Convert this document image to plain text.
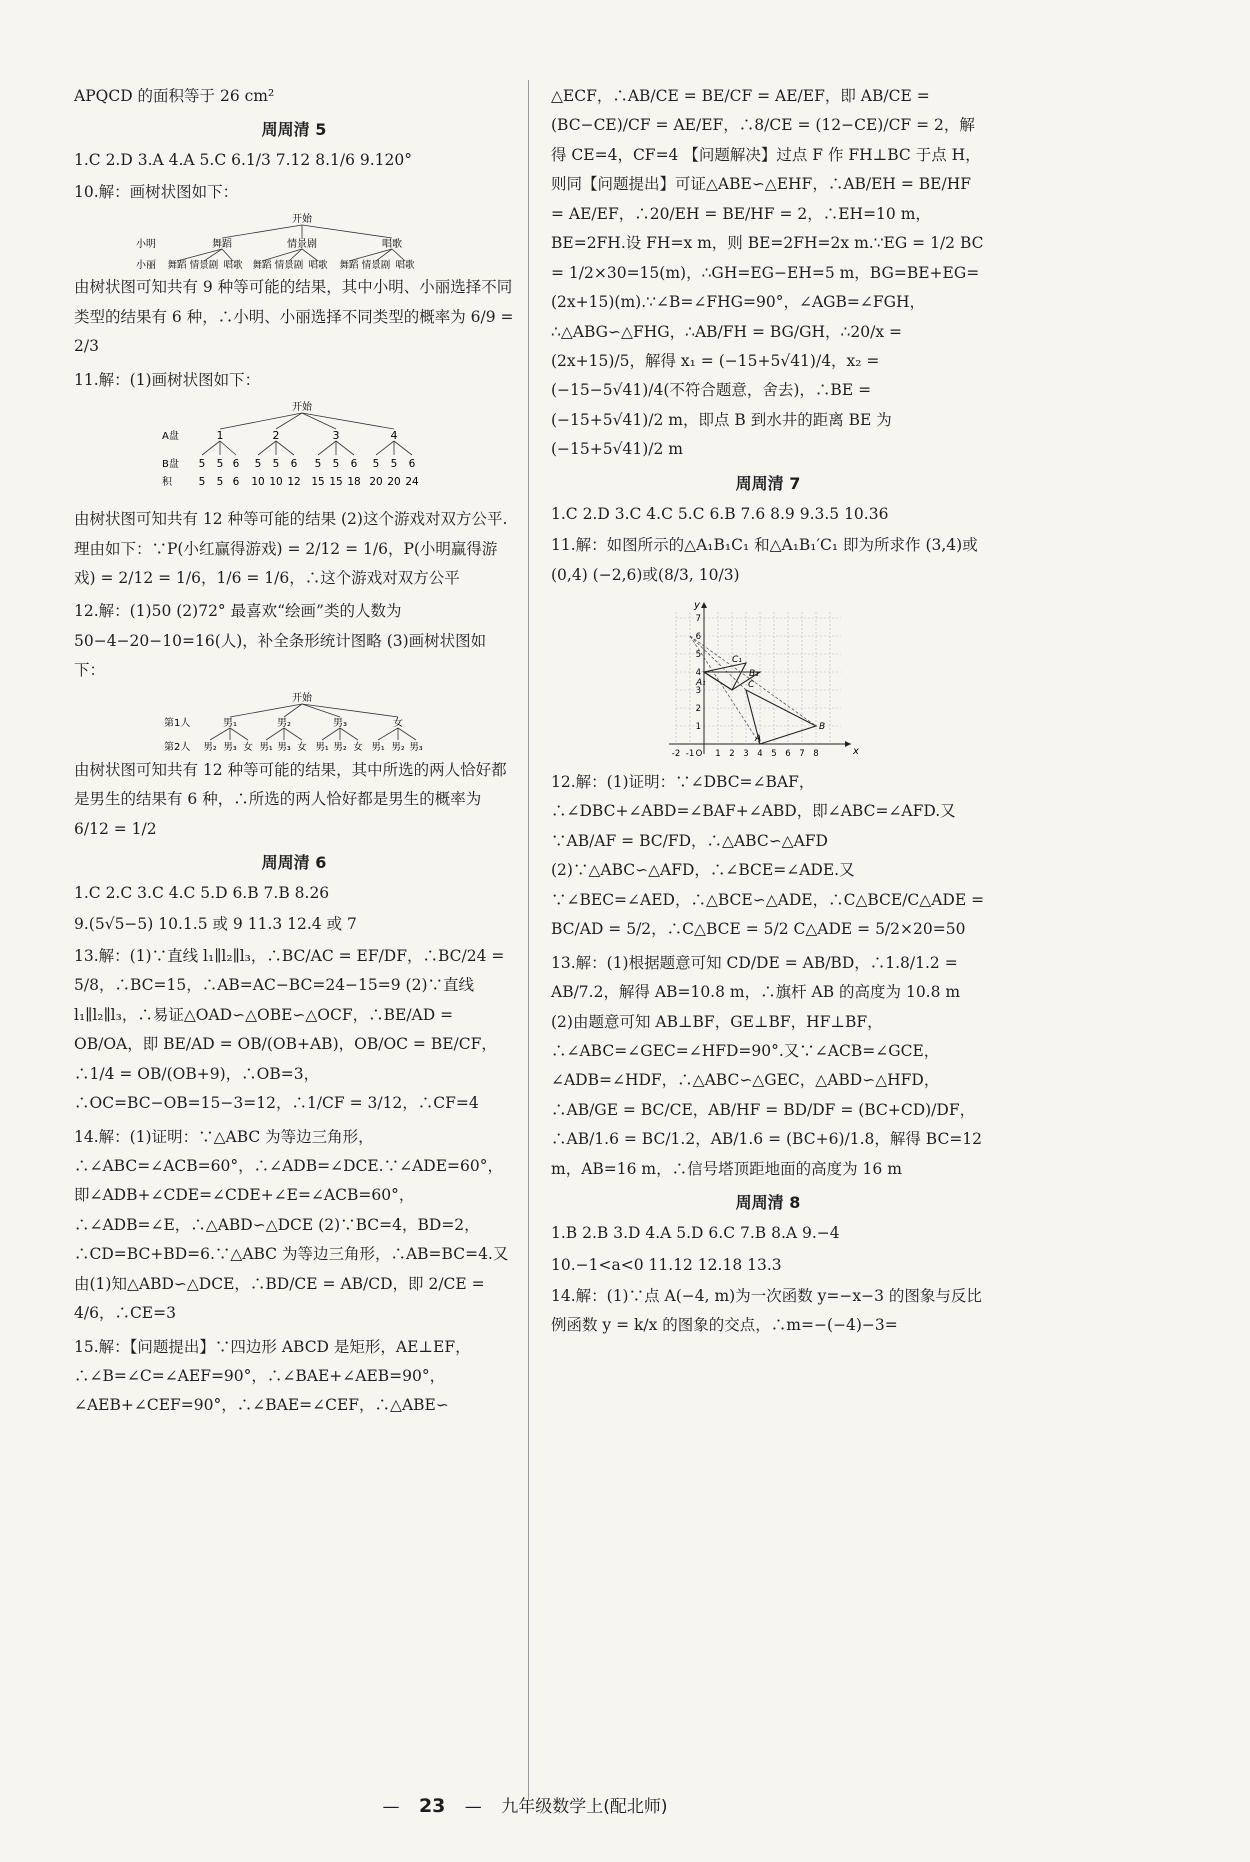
APQCD 的面积等于 26 cm²

周周清 5

1.C 2.D 3.A 4.A 5.C 6.1/3 7.12 8.1/6 9.120°

10.解：画树状图如下：

开始
小明
小丽
舞蹈	情景剧	唱歌
舞蹈 情景剧 唱歌 舞蹈 情景剧 唱歌 舞蹈 情景剧 唱歌

由树状图可知共有 9 种等可能的结果，其中小明、小丽选择不同类型的结果有 6 种，∴小明、小丽选择不同类型的概率为 6/9 = 2/3

11.解：(1)画树状图如下：

开始
A盘
B盘
积
1	2	3	4
5 5 6 5 5 6 5 5 6 5 5 6
5 5 6 10 10 12 15 15 18 20 20 24

由树状图可知共有 12 种等可能的结果 (2)这个游戏对双方公平.理由如下：∵P(小红赢得游戏) = 2/12 = 1/6，P(小明赢得游戏) = 2/12 = 1/6，1/6 = 1/6，∴这个游戏对双方公平

12.解：(1)50 (2)72° 最喜欢“绘画”类的人数为 50−4−20−10=16(人)，补全条形统计图略 (3)画树状图如下：

开始
第1人
第2人
男₁	男₂	男₃	女
男₂ 男₃ 女 男₁ 男₃ 女 男₁ 男₂ 女 男₁ 男₂ 男₃

由树状图可知共有 12 种等可能的结果，其中所选的两人恰好都是男生的结果有 6 种，∴所选的两人恰好都是男生的概率为 6/12 = 1/2

周周清 6

1.C 2.C 3.C 4.C 5.D 6.B 7.B 8.26

9.(5√5−5) 10.1.5 或 9 11.3 12.4 或 7

13.解：(1)∵直线 l₁∥l₂∥l₃，∴BC/AC = EF/DF，∴BC/24 = 5/8，∴BC=15，∴AB=AC−BC=24−15=9 (2)∵直线 l₁∥l₂∥l₃，∴易证△OAD∽△OBE∽△OCF，∴BE/AD = OB/OA，即 BE/AD = OB/(OB+AB)，OB/OC = BE/CF，∴1/4 = OB/(OB+9)，∴OB=3，∴OC=BC−OB=15−3=12，∴1/CF = 3/12，∴CF=4

14.解：(1)证明：∵△ABC 为等边三角形，∴∠ABC=∠ACB=60°，∴∠ADB=∠DCE.∵∠ADE=60°，即∠ADB+∠CDE=∠CDE+∠E=∠ACB=60°，∴∠ADB=∠E，∴△ABD∽△DCE (2)∵BC=4，BD=2，∴CD=BC+BD=6.∵△ABC 为等边三角形，∴AB=BC=4.又由(1)知△ABD∽△DCE，∴BD/CE = AB/CD，即 2/CE = 4/6，∴CE=3

15.解：【问题提出】∵四边形 ABCD 是矩形，AE⊥EF，∴∠B=∠C=∠AEF=90°，∴∠BAE+∠AEB=90°，∠AEB+∠CEF=90°，∴∠BAE=∠CEF，∴△ABE∽

△ECF，∴AB/CE = BE/CF = AE/EF，即 AB/CE = (BC−CE)/CF = AE/EF，∴8/CE = (12−CE)/CF = 2，解得 CE=4，CF=4 【问题解决】过点 F 作 FH⊥BC 于点 H，则同【问题提出】可证△ABE∽△EHF，∴AB/EH = BE/HF = AE/EF，∴20/EH = BE/HF = 2，∴EH=10 m，BE=2FH.设 FH=x m，则 BE=2FH=2x m.∵EG = 1/2 BC = 1/2×30=15(m)，∴GH=EG−EH=5 m，BG=BE+EG=(2x+15)(m).∵∠B=∠FHG=90°，∠AGB=∠FGH，∴△ABG∽△FHG，∴AB/FH = BG/GH，∴20/x = (2x+15)/5，解得 x₁ = (−15+5√41)/4，x₂ = (−15−5√41)/4(不符合题意，舍去)，∴BE = (−15+5√41)/2 m，即点 B 到水井的距离 BE 为 (−15+5√41)/2 m

周周清 7

1.C 2.D 3.C 4.C 5.C 6.B 7.6 8.9 9.3.5 10.36

11.解：如图所示的△A₁B₁C₁ 和△A₁B₁′C₁ 即为所求作 (3,4)或(0,4) (−2,6)或(8/3, 10/3)

y
x
-2 -1 O 1 2 3 4 5 6 7 8
1
2
3
4
5
6
7
C
C₁
A
A₁
B
B₁

12.解：(1)证明：∵∠DBC=∠BAF，∴∠DBC+∠ABD=∠BAF+∠ABD，即∠ABC=∠AFD.又∵AB/AF = BC/FD，∴△ABC∽△AFD (2)∵△ABC∽△AFD，∴∠BCE=∠ADE.又∵∠BEC=∠AED，∴△BCE∽△ADE，∴C△BCE/C△ADE = BC/AD = 5/2，∴C△BCE = 5/2 C△ADE = 5/2×20=50

13.解：(1)根据题意可知 CD/DE = AB/BD，∴1.8/1.2 = AB/7.2，解得 AB=10.8 m，∴旗杆 AB 的高度为 10.8 m (2)由题意可知 AB⊥BF，GE⊥BF，HF⊥BF，∴∠ABC=∠GEC=∠HFD=90°.又∵∠ACB=∠GCE，∠ADB=∠HDF，∴△ABC∽△GEC，△ABD∽△HFD，∴AB/GE = BC/CE，AB/HF = BD/DF = (BC+CD)/DF，∴AB/1.6 = BC/1.2，AB/1.6 = (BC+6)/1.8，解得 BC=12 m，AB=16 m，∴信号塔顶距地面的高度为 16 m

周周清 8

1.B 2.B 3.D 4.A 5.D 6.C 7.B 8.A 9.−4

10.−1<a<0 11.12 12.18 13.3

14.解：(1)∵点 A(−4, m)为一次函数 y=−x−3 的图象与反比例函数 y = k/x 的图象的交点，∴m=−(−4)−3=

— 23 — 九年级数学上(配北师)
